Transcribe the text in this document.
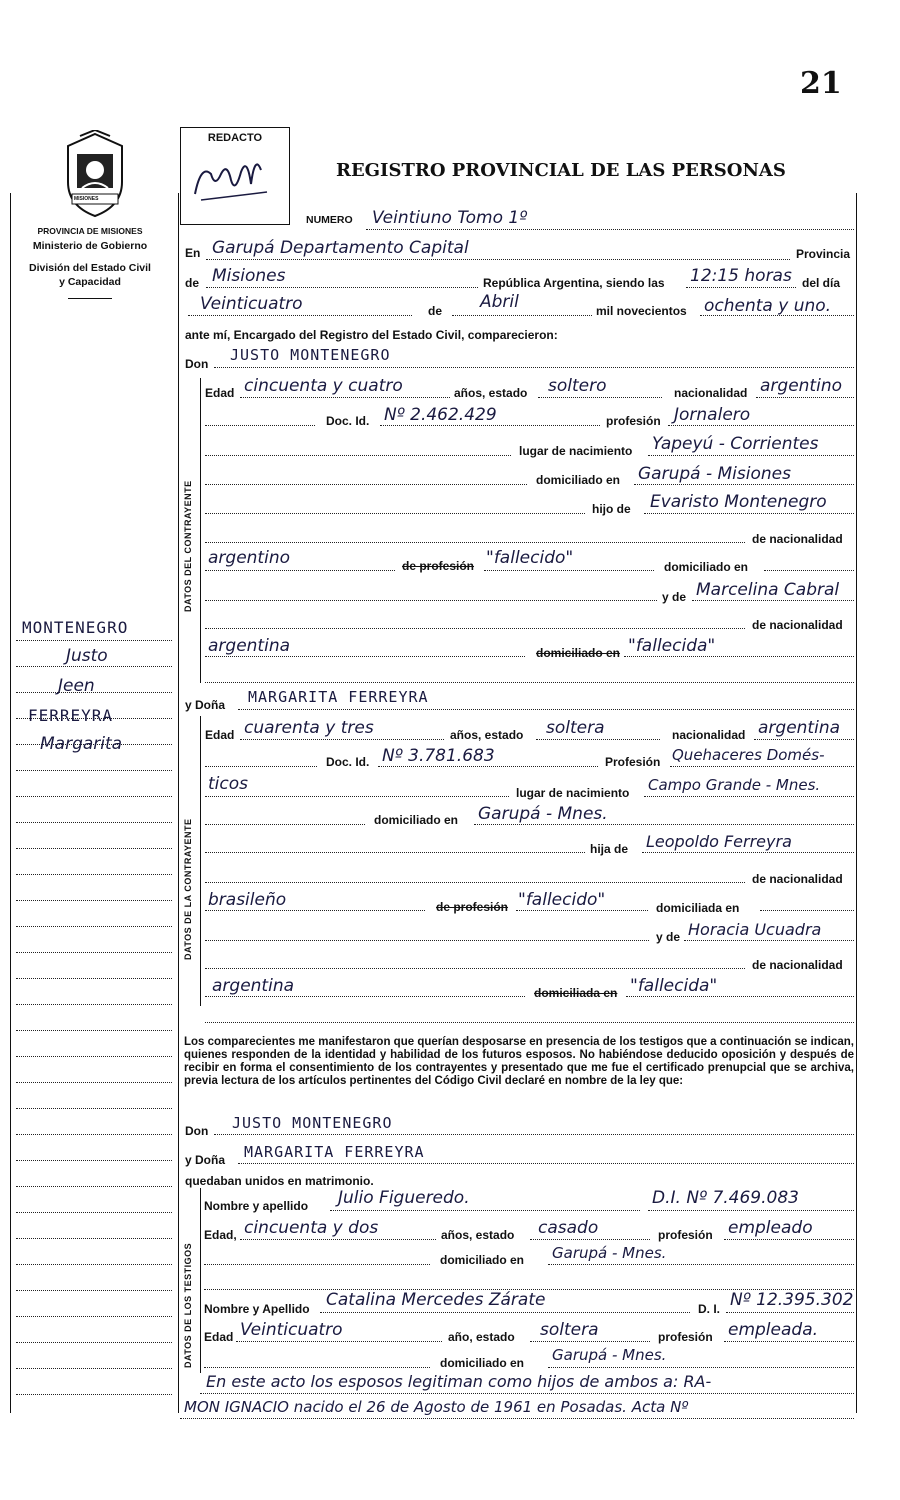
21
MISIONES
PROVINCIA DE MISIONES
Ministerio de Gobierno
División del Estado Civil
y Capacidad
MONTENEGRO
Justo
Jeen
FERREYRA
Margarita
REDACTO
REGISTRO PROVINCIAL DE LAS PERSONAS
NUMERO Veintiuno Tomo 1º
En Garupá Departamento Capital	Provincia
de Misiones	República Argentina, siendo las 12:15 horas del día
Veinticuatro	de Abril	mil novecientos ochenta y uno.
ante mí, Encargado del Registro del Estado Civil, comparecieron:
Don JUSTO MONTENEGRO
DATOS DEL CONTRAYENTE
Edad cincuenta y cuatro	años, estado soltero	nacionalidad argentino
Doc. Id. Nº 2.462.429	profesión Jornalero
lugar de nacimiento Yapeyú - Corrientes
domiciliado en Garupá - Misiones
hijo de Evaristo Montenegro
de nacionalidad
argentino	de profesión "fallecido"	domiciliado en
y de Marcelina Cabral
de nacionalidad
argentina	domiciliado en "fallecida"
y Doña MARGARITA FERREYRA
DATOS DE LA CONTRAYENTE
Edad cuarenta y tres	años, estado soltera	nacionalidad argentina
Doc. Id. Nº 3.781.683	Profesión Quehaceres Domés-
ticos	lugar de nacimiento Campo Grande - Mnes.
domiciliado en Garupá - Mnes.
hija de Leopoldo Ferreyra
de nacionalidad
brasileño	de profesión "fallecido"	domiciliada en
y de Horacia Ucuadra
de nacionalidad
argentina	domiciliada en "fallecida"
Los comparecientes me manifestaron que querían desposarse en presencia de los testigos que a continuación se indican, quienes responden de la identidad y habilidad de los futuros esposos. No habiéndose deducido oposición y después de recibir en forma el consentimiento de los contrayentes y presentado que me fue el certificado prenupcial que se archiva, previa lectura de los artículos pertinentes del Código Civil declaré en nombre de la ley que:
Don JUSTO MONTENEGRO
y Doña MARGARITA FERREYRA
quedaban unidos en matrimonio.
DATOS DE LOS TESTIGOS
Nombre y apellido Julio Figueredo.	D.I. Nº 7.469.083
Edad, cincuenta y dos	años, estado casado	profesión empleado
domiciliado en Garupá - Mnes.
Nombre y Apellido Catalina Mercedes Zárate	D. I. Nº 12.395.302
Edad Veinticuatro	año, estado soltera	profesión empleada.
domiciliado en Garupá - Mnes.
En este acto los esposos legitiman como hijos de ambos a: RA-
MON IGNACIO nacido el 26 de Agosto de 1961 en Posadas. Acta Nº
